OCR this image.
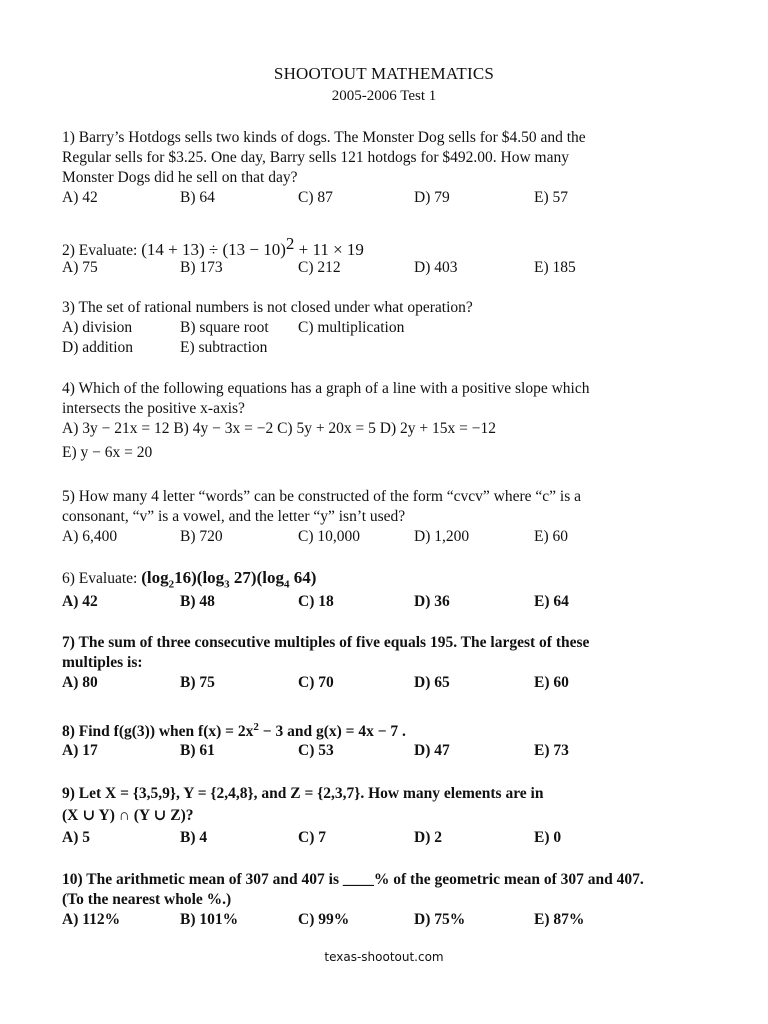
SHOOTOUT MATHEMATICS
2005-2006 Test 1
1) Barry’s Hotdogs sells two kinds of dogs. The Monster Dog sells for $4.50 and the
Regular sells for $3.25. One day, Barry sells 121 hotdogs for $492.00. How many
Monster Dogs did he sell on that day?
A) 42	B) 64	C) 87	D) 79	E) 57
2) Evaluate: $(14 + 13) \div (13 - 10)^2 + 11 \times 19$
A) 75	B) 173	C) 212	D) 403	E) 185
3) The set of rational numbers is not closed under what operation?
A) division	B) square root C) multiplication
D) addition	E) subtraction
4) Which of the following equations has a graph of a line with a positive slope which
intersects the positive x-axis?
A) 3y − 21x = 12 B) 4y − 3x = −2 C) 5y + 20x = 5 D) 2y + 15x = −12
E) y − 6x = 20
5) How many 4 letter “words” can be constructed of the form “cvcv” where “c” is a
consonant, “v” is a vowel, and the letter “y” isn’t used?
A) 6,400	B) 720	C) 10,000	D) 1,200	E) 60
6) Evaluate: $(\log_216)(\log_3$ $27)(\log_4$ 64)
A) 42	B) 48	C) 18	D) 36	E) 64
7) The sum of three consecutive multiples of five equals 195. The largest of these
multiples is:
A) 80	B) 75	C) 70	D) 65	E) 60
8) Find f(g(3)) when $f(x) = 2x^2 - 3$ and g(x) = 4x − 7 .
A) 17	B) 61	C) 53	D) 47	E) 73
9) Let X = {3,5,9}, Y = {2,4,8}, and Z = {2,3,7}. How many elements are in
(X ∪ Y) ∩ (Y ∪ Z)?
A) 5	B) 4	C) 7	D) 2	E) 0
10) The arithmetic mean of 307 and 407 is ____% of the geometric mean of 307 and 407.
(To the nearest whole %.)
A) 112%	B) 101%	C) 99%	D) 75%	E) 87%
texas-shootout.com
